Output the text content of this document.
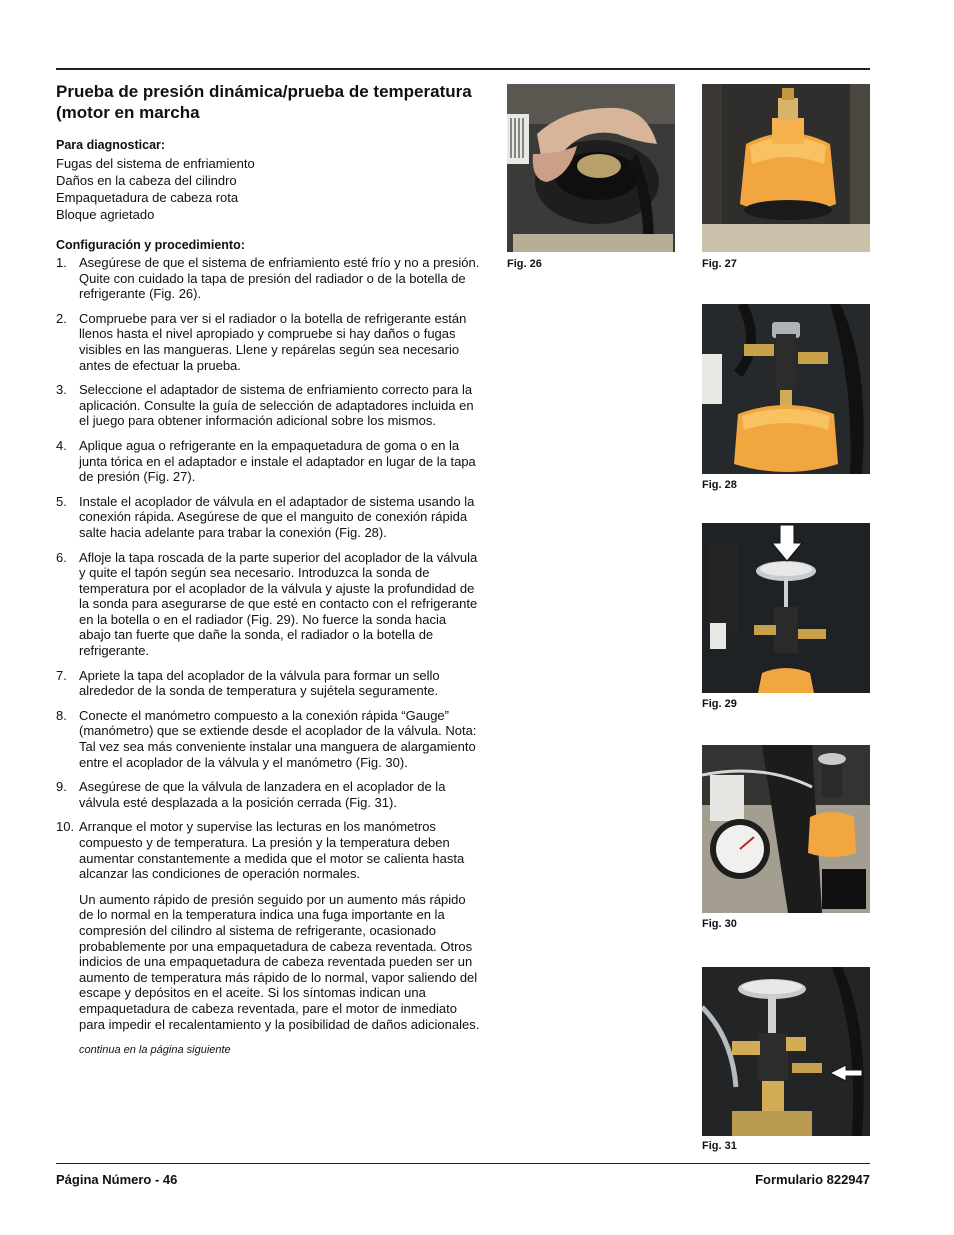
Prueba de presión dinámica/prueba de temperatura (motor en marcha

Para diagnosticar:

Fugas del sistema de enfriamiento

Daños en la cabeza del cilindro

Empaquetadura de cabeza rota

Bloque agrietado

Configuración y procedimiento:

1. Asegúrese de que el sistema de enfriamiento esté frío y no a presión. Quite con cuidado la tapa de presión del radiador o de la botella de refrigerante (Fig. 26).
2. Compruebe para ver si el radiador o la botella de refrigerante están llenos hasta el nivel apropiado y compruebe si hay daños o fugas visibles en las mangueras. Llene y repárelas según sea necesario antes de efectuar la prueba.
3. Seleccione el adaptador de sistema de enfriamiento correcto para la aplicación. Consulte la guía de selección de adaptadores incluida en el juego para obtener información adicional sobre los mismos.
4. Aplique agua o refrigerante en la empaquetadura de goma o en la junta tórica en el adaptador e instale el adaptador en lugar de la tapa de presión (Fig. 27).
5. Instale el acoplador de válvula en el adaptador de sistema usando la conexión rápida. Asegúrese de que el manguito de conexión rápida salte hacia adelante para trabar la conexión (Fig. 28).
6. Afloje la tapa roscada de la parte superior del acoplador de la válvula y quite el tapón según sea necesario. Introduzca la sonda de temperatura por el acoplador de la válvula y ajuste la profundidad de la sonda para asegurarse de que esté en contacto con el refrigerante en la botella o en el radiador (Fig. 29). No fuerce la sonda hacia abajo tan fuerte que dañe la sonda, el radiador o la botella de refrigerante.
7. Apriete la tapa del acoplador de la válvula para formar un sello alrededor de la sonda de temperatura y sujétela seguramente.
8. Conecte el manómetro compuesto a la conexión rápida “Gauge” (manómetro) que se extiende desde el acoplador de la válvula. Nota: Tal vez sea más conveniente instalar una manguera de alargamiento entre el acoplador de la válvula y el manómetro (Fig. 30).
9. Asegúrese de que la válvula de lanzadera en el acoplador de la válvula esté desplazada a la posición cerrada (Fig. 31).
10. Arranque el motor y supervise las lecturas en los manómetros compuesto y de temperatura. La presión y la temperatura deben aumentar constantemente a medida que el motor se calienta hasta alcanzar las condiciones de operación normales.

Un aumento rápido de presión seguido por un aumento más rápido de lo normal en la temperatura indica una fuga importante en la compresión del cilindro al sistema de refrigerante, ocasionado probablemente por una empaquetadura de cabeza reventada. Otros indicios de una empaquetadura de cabeza reventada pueden ser un aumento de temperatura más rápido de lo normal, vapor saliendo del escape y depósitos en el aceite. Si los síntomas indican una empaquetadura de cabeza reventada, pare el motor de inmediato para impedir el recalentamiento y la posibilidad de daños adicionales.

continua en la página siguiente
Fig. 26	Fig. 27
Fig. 28
Fig. 29
Fig. 30
Fig. 31
Página Número - 46	Formulario 822947
